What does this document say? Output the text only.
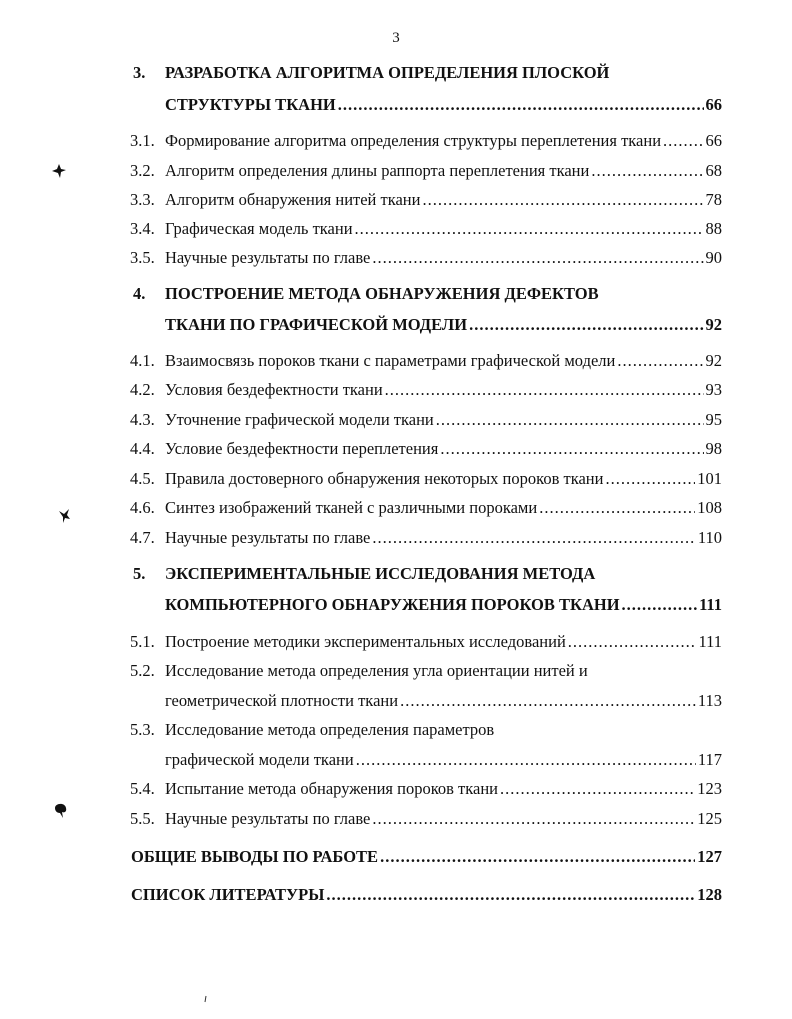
3
3. РАЗРАБОТКА АЛГОРИТМА ОПРЕДЕЛЕНИЯ ПЛОСКОЙ
СТРУКТУРЫ ТКАНИ .....	66
3.1. Формирование алгоритма определения структуры переплетения ткани .....	66
3.2. Алгоритм определения длины раппорта переплетения ткани .....	68
3.3. Алгоритм обнаружения нитей ткани .....	78
3.4. Графическая модель ткани .....	88
3.5. Научные результаты по главе .....	90
4. ПОСТРОЕНИЕ МЕТОДА ОБНАРУЖЕНИЯ ДЕФЕКТОВ
ТКАНИ ПО ГРАФИЧЕСКОЙ МОДЕЛИ .....	92
4.1. Взаимосвязь пороков ткани с параметрами графической модели .....	92
4.2. Условия бездефектности ткани .....	93
4.3. Уточнение графической модели ткани .....	95
4.4. Условие бездефектности переплетения .....	98
4.5. Правила достоверного обнаружения некоторых пороков ткани .....	101
4.6. Синтез изображений тканей с различными пороками .....	108
4.7. Научные результаты по главе .....	110
5. ЭКСПЕРИМЕНТАЛЬНЫЕ ИССЛЕДОВАНИЯ МЕТОДА
КОМПЬЮТЕРНОГО ОБНАРУЖЕНИЯ ПОРОКОВ ТКАНИ .....	111
5.1. Построение методики экспериментальных исследований .....	111
5.2. Исследование метода определения угла ориентации нитей и
геометрической плотности ткани .....	113
5.3. Исследование метода определения параметров
графической модели ткани .....	117
5.4. Испытание метода обнаружения пороков ткани .....	123
5.5. Научные результаты по главе .....	125
ОБЩИЕ ВЫВОДЫ ПО РАБОТЕ .....	127
СПИСОК ЛИТЕРАТУРЫ .....	128
